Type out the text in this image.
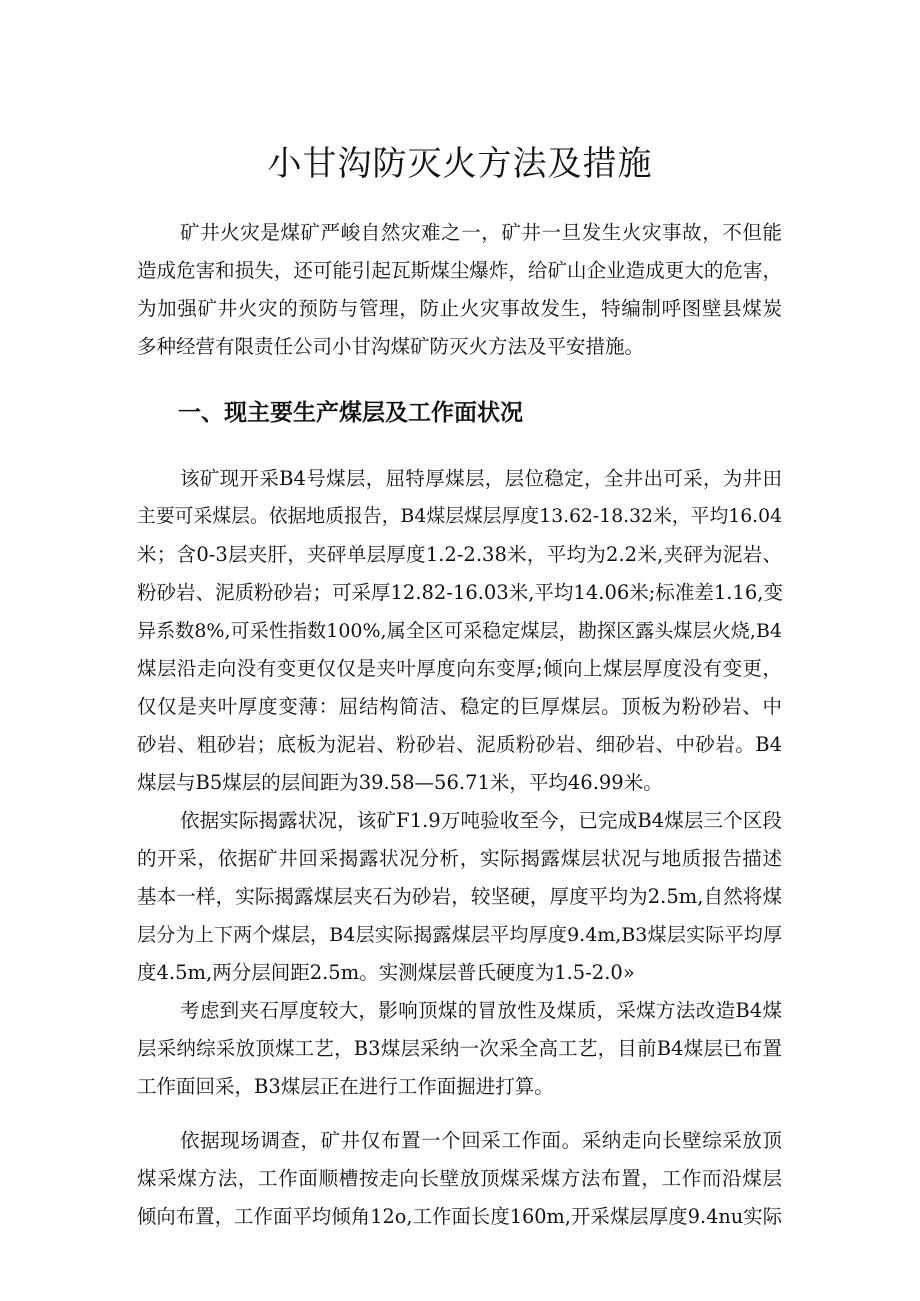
小甘沟防灭火方法及措施

矿井火灾是煤矿严峻自然灾难之一，矿井一旦发生火灾事故，不但能

造成危害和损失，还可能引起瓦斯煤尘爆炸，给矿山企业造成更大的危害，

为加强矿井火灾的预防与管理，防止火灾事故发生，特编制呼图壁县煤炭

多种经营有限责任公司小甘沟煤矿防灭火方法及平安措施。

一、现主要生产煤层及工作面状况

该矿现开采B4号煤层，屈特厚煤层，层位稳定，全井出可采，为井田

主要可采煤层。依据地质报告，B4煤层煤层厚度13.62-18.32米，平均16.04

米；含0-3层夹肝，夹砰单层厚度1.2-2.38米，平均为2.2米,夹砰为泥岩、

粉砂岩、泥质粉砂岩；可采厚12.82-16.03米,平均14.06米;标准差1.16,变

异系数8%,可采性指数100%,属全区可采稳定煤层，勘探区露头煤层火烧,B4

煤层沿走向没有变更仅仅是夹叶厚度向东变厚;倾向上煤层厚度没有变更，

仅仅是夹叶厚度变薄：屈结构简洁、稳定的巨厚煤层。顶板为粉砂岩、中

砂岩、粗砂岩；底板为泥岩、粉砂岩、泥质粉砂岩、细砂岩、中砂岩。B4

煤层与B5煤层的层间距为39.58—56.71米，平均46.99米。

依据实际揭露状况，该矿F1.9万吨验收至今，已完成B4煤层三个区段

的开采，依据矿井回采揭露状况分析，实际揭露煤层状况与地质报告描述

基本一样，实际揭露煤层夹石为砂岩，较坚硬，厚度平均为2.5m,自然将煤

层分为上下两个煤层，B4层实际揭露煤层平均厚度9.4m,B3煤层实际平均厚

度4.5m,两分层间距2.5m。实测煤层普氏硬度为1.5-2.0»

考虑到夹石厚度较大，影响顶煤的冒放性及煤质，采煤方法改造B4煤

层采纳综采放顶煤工艺，B3煤层采纳一次采全高工艺，目前B4煤层已布置

工作面回采，B3煤层正在进行工作面掘进打算。

依据现场调查，矿井仅布置一个回采工作面。采纳走向长壁综采放顶

煤采煤方法，工作面顺槽按走向长壁放顶煤采煤方法布置，工作而沿煤层

倾向布置，工作面平均倾角12o,工作面长度160m,开采煤层厚度9.4nu实际
